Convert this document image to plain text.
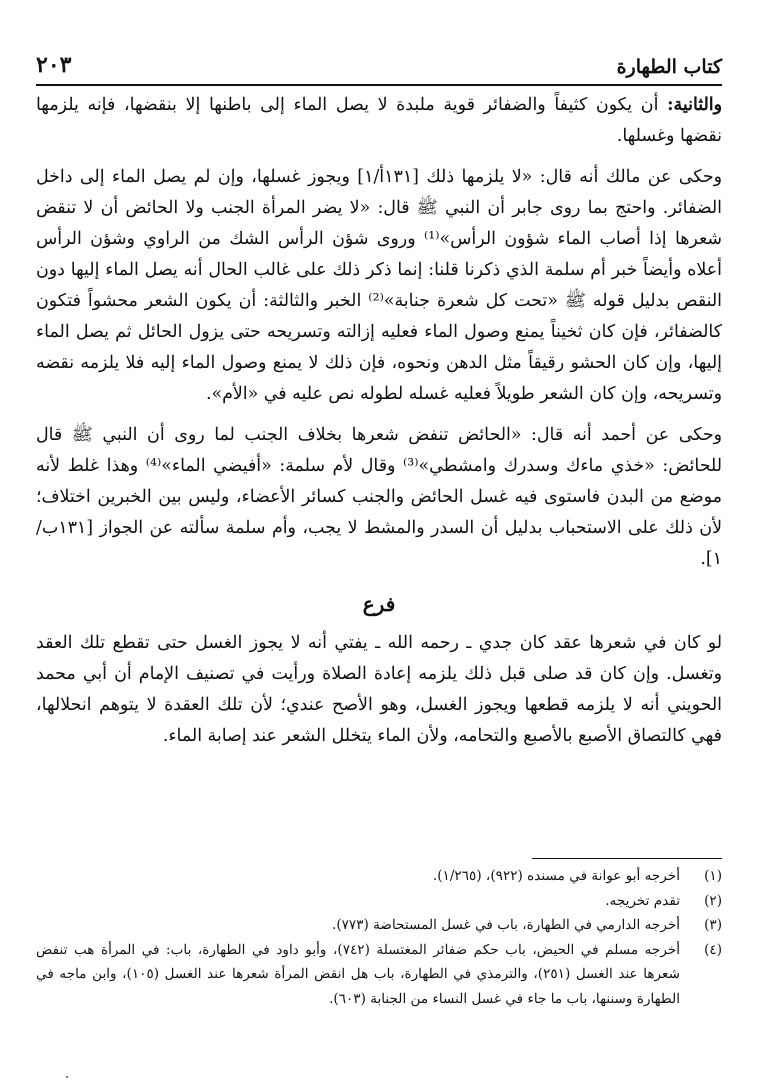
٢٠٣	كتاب الطهارة

والثانية: أن يكون كثيفاً والضفائر قوية ملبدة لا يصل الماء إلى باطنها إلا بنقضها، فإنه يلزمها نقضها وغسلها.

وحكى عن مالك أنه قال: «لا يلزمها ذلك [١٣١أ/١] ويجوز غسلها، وإن لم يصل الماء إلى داخل الضفائر. واحتج بما روى جابر أن النبي ﷺ قال: «لا يضر المرأة الجنب ولا الحائض أن لا تنقض شعرها إذا أصاب الماء شؤون الرأس»⁽¹⁾ وروى شؤن الرأس الشك من الراوي وشؤن الرأس أعلاه وأيضاً خبر أم سلمة الذي ذكرنا قلنا: إنما ذكر ذلك على غالب الحال أنه يصل الماء إليها دون النقص بدليل قوله ﷺ «تحت كل شعرة جنابة»⁽²⁾ الخبر والثالثة: أن يكون الشعر محشواً فتكون كالضفائر، فإن كان ثخيناً يمنع وصول الماء فعليه إزالته وتسريحه حتى يزول الحائل ثم يصل الماء إليها، وإن كان الحشو رقيقاً مثل الدهن ونحوه، فإن ذلك لا يمنع وصول الماء إليه فلا يلزمه نقضه وتسريحه، وإن كان الشعر طويلاً فعليه غسله لطوله نص عليه في «الأم».

وحكى عن أحمد أنه قال: «الحائض تنفض شعرها بخلاف الجنب لما روى أن النبي ﷺ قال للحائض: «خذي ماءك وسدرك وامشطي»⁽³⁾ وقال لأم سلمة: «أفيضي الماء»⁽⁴⁾ وهذا غلط لأنه موضع من البدن فاستوى فيه غسل الحائض والجنب كسائر الأعضاء، وليس بين الخبرين اختلاف؛ لأن ذلك على الاستحباب بدليل أن السدر والمشط لا يجب، وأم سلمة سألته عن الجواز [١٣١ب/١].

فرع

لو كان في شعرها عقد كان جدي ـ رحمه الله ـ يفتي أنه لا يجوز الغسل حتى تقطع تلك العقد وتغسل. وإن كان قد صلى قبل ذلك يلزمه إعادة الصلاة ورأيت في تصنيف الإمام أن أبي محمد الحويني أنه لا يلزمه قطعها ويجوز الغسل، وهو الأصح عندي؛ لأن تلك العقدة لا يتوهم انحلالها، فهي كالتصاق الأصبع بالأصبع والتحامه، ولأن الماء يتخلل الشعر عند إصابة الماء.

(١)
أخرجه أبو عوانة في مسنده (٩٢٢)، (١/٢٦٥).
(٢)
تقدم تخريجه.
(٣)
أخرجه الدارمي في الطهارة، باب في غسل المستحاضة (٧٧٣).
(٤)
أخرجه مسلم في الحيض، باب حكم ضفائر المغتسلة (٧٤٢)، وأبو داود في الطهارة، باب: في المرأة هب تنفض شعرها عند الغسل (٢٥١)، والترمذي في الطهارة، باب هل انقض المرأة شعرها عند الغسل (١٠٥)، وابن ماجه في الطهارة وسننها، باب ما جاء في غسل النساء من الجنابة (٦٠٣).
